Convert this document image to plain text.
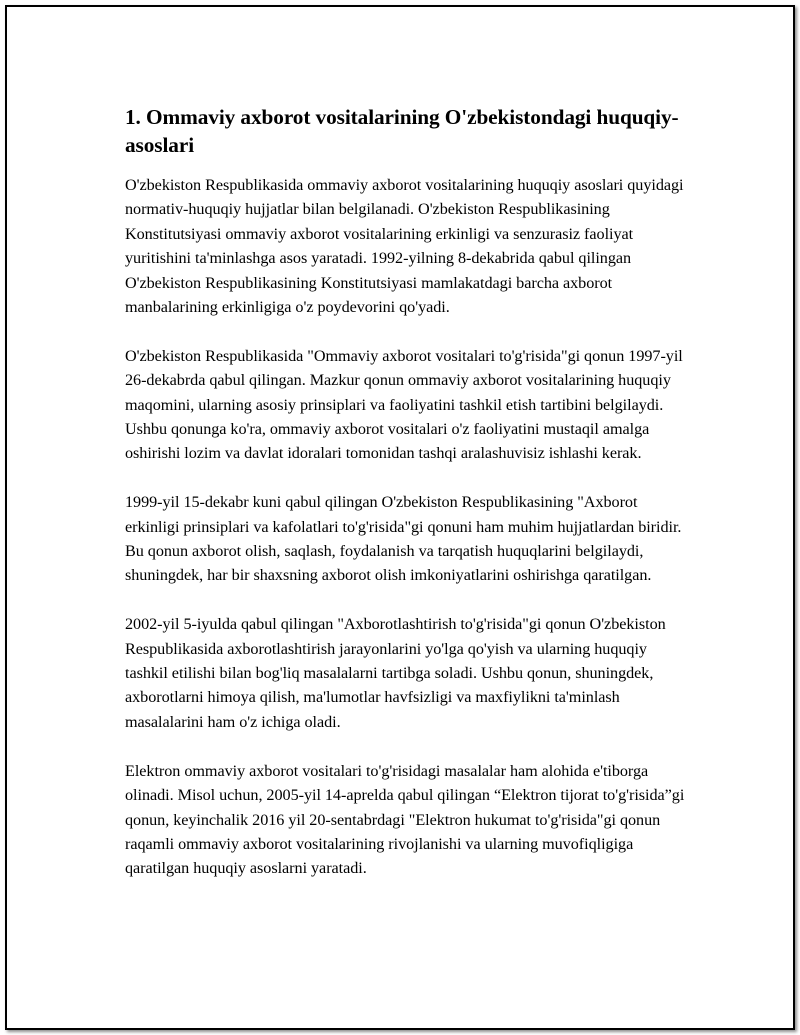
1. Ommaviy axborot vositalarining O'zbekistondagi huquqiy-asoslari

O'zbekiston Respublikasida ommaviy axborot vositalarining huquqiy asoslari quyidagi normativ-huquqiy hujjatlar bilan belgilanadi. O'zbekiston Respublikasining Konstitutsiyasi ommaviy axborot vositalarining erkinligi va senzurasiz faoliyat yuritishini ta'minlashga asos yaratadi. 1992-yilning 8-dekabrida qabul qilingan O'zbekiston Respublikasining Konstitutsiyasi mamlakatdagi barcha axborot manbalarining erkinligiga o'z poydevorini qo'yadi.

O'zbekiston Respublikasida "Ommaviy axborot vositalari to'g'risida"gi qonun 1997-yil 26-dekabrda qabul qilingan. Mazkur qonun ommaviy axborot vositalarining huquqiy maqomini, ularning asosiy prinsiplari va faoliyatini tashkil etish tartibini belgilaydi. Ushbu qonunga ko'ra, ommaviy axborot vositalari o'z faoliyatini mustaqil amalga oshirishi lozim va davlat idoralari tomonidan tashqi aralashuvisiz ishlashi kerak.

1999-yil 15-dekabr kuni qabul qilingan O'zbekiston Respublikasining "Axborot erkinligi prinsiplari va kafolatlari to'g'risida"gi qonuni ham muhim hujjatlardan biridir. Bu qonun axborot olish, saqlash, foydalanish va tarqatish huquqlarini belgilaydi, shuningdek, har bir shaxsning axborot olish imkoniyatlarini oshirishga qaratilgan.

2002-yil 5-iyulda qabul qilingan "Axborotlashtirish to'g'risida"gi qonun O'zbekiston Respublikasida axborotlashtirish jarayonlarini yo'lga qo'yish va ularning huquqiy tashkil etilishi bilan bog'liq masalalarni tartibga soladi. Ushbu qonun, shuningdek, axborotlarni himoya qilish, ma'lumotlar havfsizligi va maxfiylikni ta'minlash masalalarini ham o'z ichiga oladi.

Elektron ommaviy axborot vositalari to'g'risidagi masalalar ham alohida e'tiborga olinadi. Misol uchun, 2005-yil 14-aprelda qabul qilingan “Elektron tijorat to'g'risida”gi qonun, keyinchalik 2016 yil 20-sentabrdagi "Elektron hukumat to'g'risida"gi qonun raqamli ommaviy axborot vositalarining rivojlanishi va ularning muvofiqligiga qaratilgan huquqiy asoslarni yaratadi.
